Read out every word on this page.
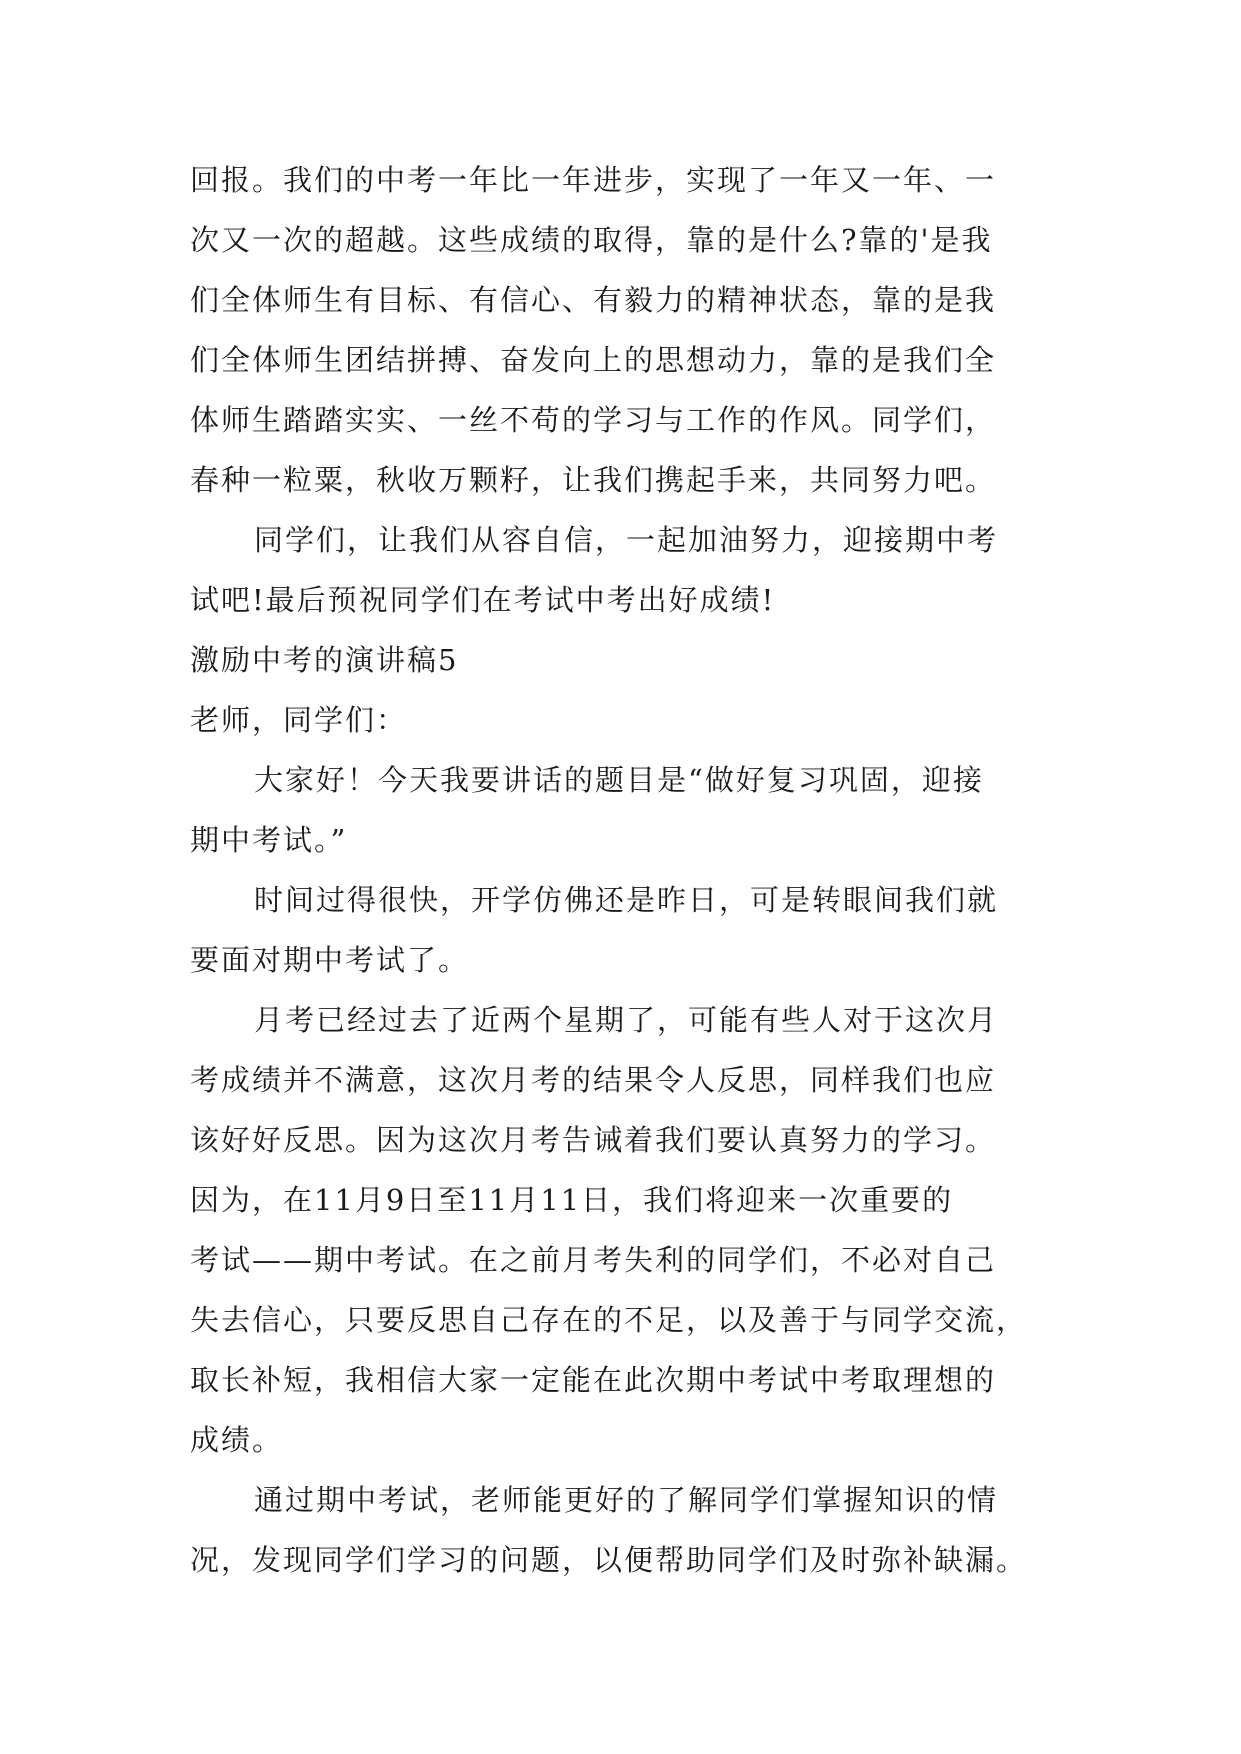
回报。我们的中考一年比一年进步，实现了一年又一年、一
次又一次的超越。这些成绩的取得，靠的是什么?靠的'是我
们全体师生有目标、有信心、有毅力的精神状态，靠的是我
们全体师生团结拼搏、奋发向上的思想动力，靠的是我们全
体师生踏踏实实、一丝不苟的学习与工作的作风。同学们，
春种一粒粟，秋收万颗籽，让我们携起手来，共同努力吧。
同学们，让我们从容自信，一起加油努力，迎接期中考
试吧!最后预祝同学们在考试中考出好成绩!
激励中考的演讲稿5
老师，同学们：
大家好！今天我要讲话的题目是“做好复习巩固，迎接
期中考试。”
时间过得很快，开学仿佛还是昨日，可是转眼间我们就
要面对期中考试了。
月考已经过去了近两个星期了，可能有些人对于这次月
考成绩并不满意，这次月考的结果令人反思，同样我们也应
该好好反思。因为这次月考告诫着我们要认真努力的学习。
因为，在11月9日至11月11日，我们将迎来一次重要的
考试——期中考试。在之前月考失利的同学们，不必对自己
失去信心，只要反思自己存在的不足，以及善于与同学交流，
取长补短，我相信大家一定能在此次期中考试中考取理想的
成绩。
通过期中考试，老师能更好的了解同学们掌握知识的情
况，发现同学们学习的问题，以便帮助同学们及时弥补缺漏。
